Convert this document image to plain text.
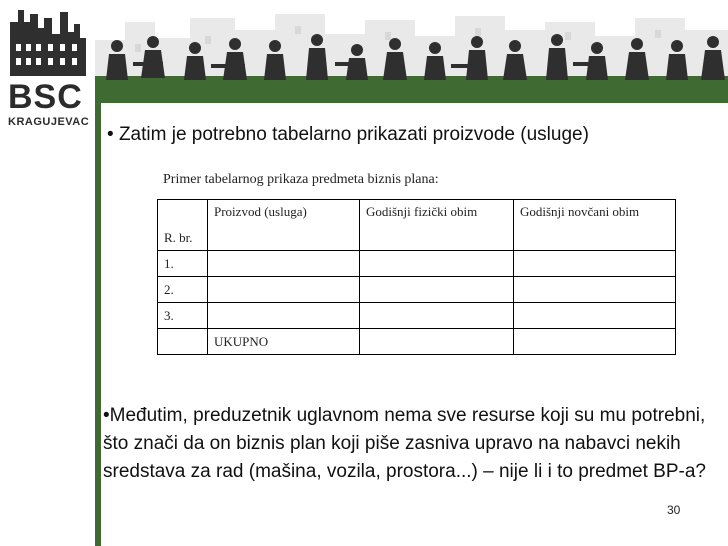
BSC
KRAGUJEVAC
• Zatim je potrebno tabelarno prikazati proizvode (usluge)
Primer tabelarnog prikaza predmeta biznis plana:
R. br.	Proizvod (usluga)	Godišnji fizički obim	Godišnji novčani obim
1.			
2.			
3.			
	UKUPNO		
•Međutim, preduzetnik uglavnom nema sve resurse koji su mu potrebni, što znači da on biznis plan koji piše zasniva upravo na nabavci nekih sredstava za rad (mašina, vozila, prostora...) – nije li i to predmet BP-a?
30
